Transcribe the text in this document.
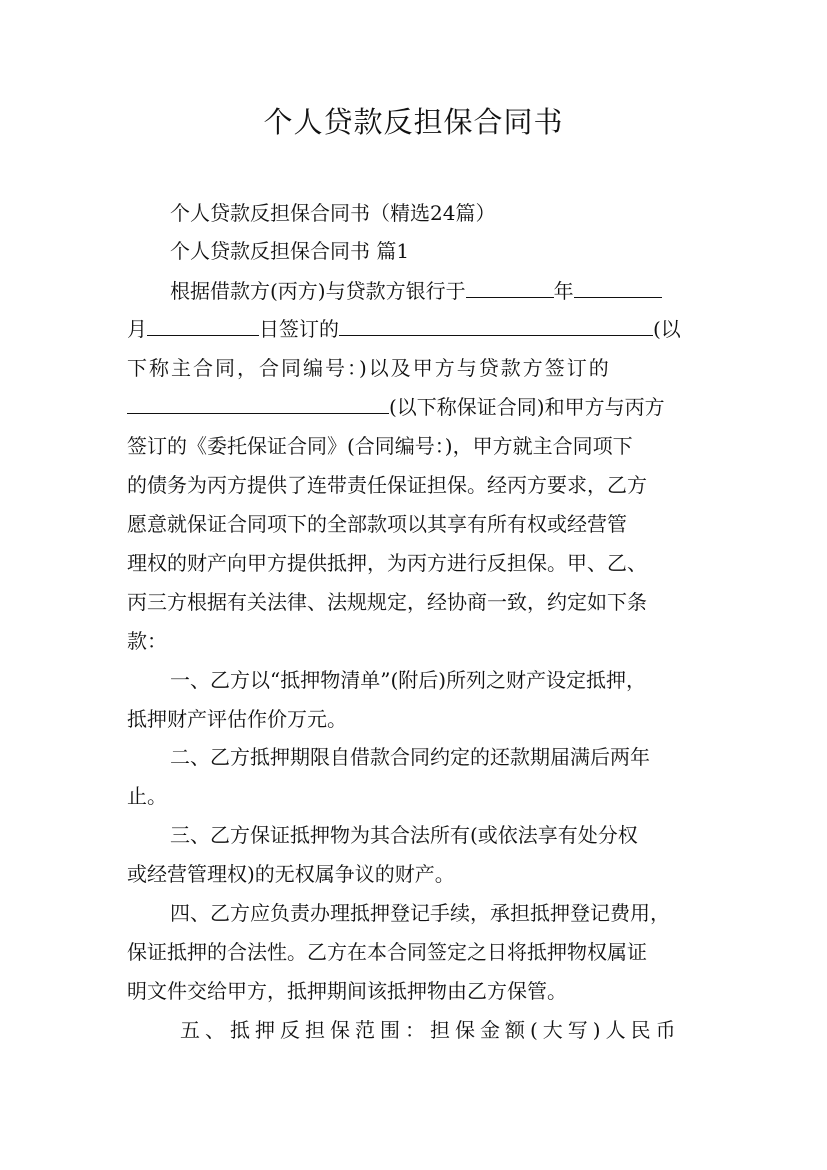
个人贷款反担保合同书
个人贷款反担保合同书（精选24篇）
个人贷款反担保合同书 篇1
根据借款方(丙方)与贷款方银行于	年
月	日签订的	(以
下称主合同，合同编号：)以及甲方与贷款方签订的
(以下称保证合同)和甲方与丙方
签订的《委托保证合同》(合同编号：)，甲方就主合同项下
的债务为丙方提供了连带责任保证担保。经丙方要求，乙方
愿意就保证合同项下的全部款项以其享有所有权或经营管
理权的财产向甲方提供抵押，为丙方进行反担保。甲、乙、
丙三方根据有关法律、法规规定，经协商一致，约定如下条
款：
一、乙方以“抵押物清单”(附后)所列之财产设定抵押，
抵押财产评估作价万元。
二、乙方抵押期限自借款合同约定的还款期届满后两年
止。
三、乙方保证抵押物为其合法所有(或依法享有处分权
或经营管理权)的无权属争议的财产。
四、乙方应负责办理抵押登记手续，承担抵押登记费用，
保证抵押的合法性。乙方在本合同签定之日将抵押物权属证
明文件交给甲方，抵押期间该抵押物由乙方保管。
五、抵押反担保范围：担保金额(大写)人民币
